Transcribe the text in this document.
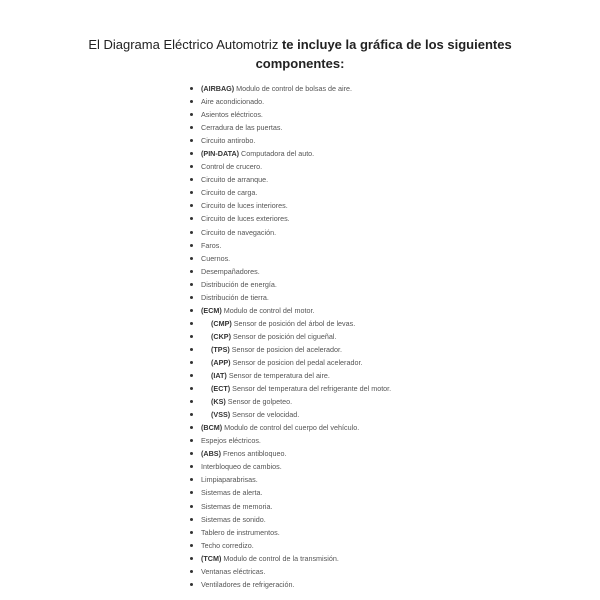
El Diagrama Eléctrico Automotriz te incluye la gráfica de los siguientes
componentes:
(AIRBAG) Modulo de control de bolsas de aire.
Aire acondicionado.
Asientos eléctricos.
Cerradura de las puertas.
Circuito antirobo.
(PIN-DATA) Computadora del auto.
Control de crucero.
Circuito de arranque.
Circuito de carga.
Circuito de luces interiores.
Circuito de luces exteriores.
Circuito de navegación.
Faros.
Cuernos.
Desempañadores.
Distribución de energía.
Distribución de tierra.
(ECM) Modulo de control del motor.
(CMP) Sensor de posición del árbol de levas.
(CKP) Sensor de posición del cigueñal.
(TPS) Sensor de posicion del acelerador.
(APP) Sensor de posicion del pedal acelerador.
(IAT) Sensor de temperatura del aire.
(ECT) Sensor del temperatura del refrigerante del motor.
(KS) Sensor de golpeteo.
(VSS) Sensor de velocidad.
(BCM) Modulo de control del cuerpo del vehículo.
Espejos eléctricos.
(ABS) Frenos antibloqueo.
Interbloqueo de cambios.
Limpiaparabrisas.
Sistemas de alerta.
Sistemas de memoria.
Sistemas de sonido.
Tablero de instrumentos.
Techo corredizo.
(TCM) Modulo de control de la transmisión.
Ventanas eléctricas.
Ventiladores de refrigeración.
